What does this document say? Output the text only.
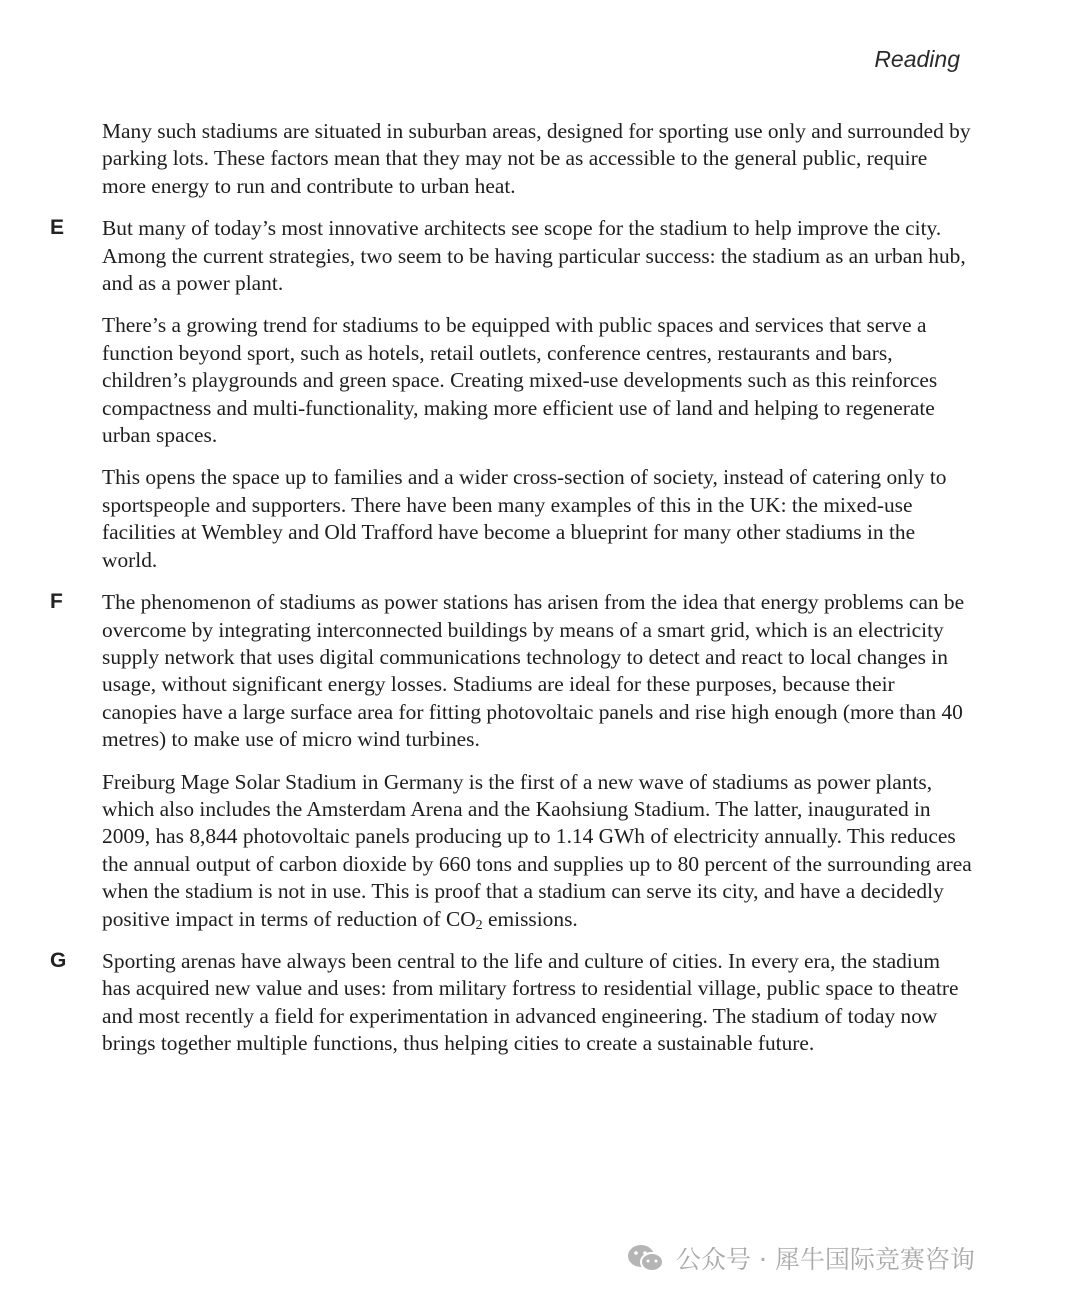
Reading

Many such stadiums are situated in suburban areas, designed for sporting use only and surrounded by parking lots. These factors mean that they may not be as accessible to the general public, require more energy to run and contribute to urban heat.

E But many of today’s most innovative architects see scope for the stadium to help improve the city. Among the current strategies, two seem to be having particular success: the stadium as an urban hub, and as a power plant.

There’s a growing trend for stadiums to be equipped with public spaces and services that serve a function beyond sport, such as hotels, retail outlets, conference centres, restaurants and bars, children’s playgrounds and green space. Creating mixed-use developments such as this reinforces compactness and multi-functionality, making more efficient use of land and helping to regenerate urban spaces.

This opens the space up to families and a wider cross-section of society, instead of catering only to sportspeople and supporters. There have been many examples of this in the UK: the mixed-use facilities at Wembley and Old Trafford have become a blueprint for many other stadiums in the world.

F The phenomenon of stadiums as power stations has arisen from the idea that energy problems can be overcome by integrating interconnected buildings by means of a smart grid, which is an electricity supply network that uses digital communications technology to detect and react to local changes in usage, without significant energy losses. Stadiums are ideal for these purposes, because their canopies have a large surface area for fitting photovoltaic panels and rise high enough (more than 40 metres) to make use of micro wind turbines.

Freiburg Mage Solar Stadium in Germany is the first of a new wave of stadiums as power plants, which also includes the Amsterdam Arena and the Kaohsiung Stadium. The latter, inaugurated in 2009, has 8,844 photovoltaic panels producing up to 1.14 GWh of electricity annually. This reduces the annual output of carbon dioxide by 660 tons and supplies up to 80 percent of the surrounding area when the stadium is not in use. This is proof that a stadium can serve its city, and have a decidedly positive impact in terms of reduction of $CO_2$ emissions.

G Sporting arenas have always been central to the life and culture of cities. In every era, the stadium has acquired new value and uses: from military fortress to residential village, public space to theatre and most recently a field for experimentation in advanced engineering. The stadium of today now brings together multiple functions, thus helping cities to create a sustainable future.

公众号 · 犀牛国际竞赛咨询
